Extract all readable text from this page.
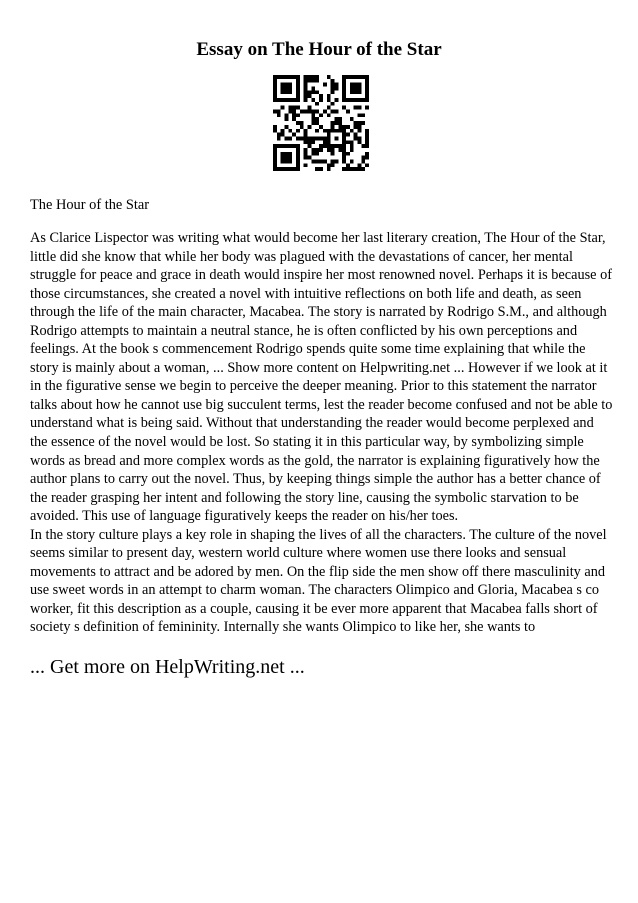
Essay on The Hour of the Star
The Hour of the Star

As Clarice Lispector was writing what would become her last literary creation, The Hour of the Star, little did she know that while her body was plagued with the devastations of cancer, her mental struggle for peace and grace in death would inspire her most renowned novel. Perhaps it is because of those circumstances, she created a novel with intuitive reflections on both life and death, as seen through the life of the main character, Macabea. The story is narrated by Rodrigo S.M., and although Rodrigo attempts to maintain a neutral stance, he is often conflicted by his own perceptions and feelings. At the book s commencement Rodrigo spends quite some time explaining that while the story is mainly about a woman, ... Show more content on Helpwriting.net ... However if we look at it in the figurative sense we begin to perceive the deeper meaning. Prior to this statement the narrator talks about how he cannot use big succulent terms, lest the reader become confused and not be able to understand what is being said. Without that understanding the reader would become perplexed and the essence of the novel would be lost. So stating it in this particular way, by symbolizing simple words as bread and more complex words as the gold, the narrator is explaining figuratively how the author plans to carry out the novel. Thus, by keeping things simple the author has a better chance of the reader grasping her intent and following the story line, causing the symbolic starvation to be avoided. This use of language figuratively keeps the reader on his/her toes.

In the story culture plays a key role in shaping the lives of all the characters. The culture of the novel seems similar to present day, western world culture where women use there looks and sensual movements to attract and be adored by men. On the flip side the men show off there masculinity and use sweet words in an attempt to charm woman. The characters Olimpico and Gloria, Macabea s co worker, fit this description as a couple, causing it be ever more apparent that Macabea falls short of society s definition of femininity. Internally she wants Olimpico to like her, she wants to

... Get more on HelpWriting.net ...
